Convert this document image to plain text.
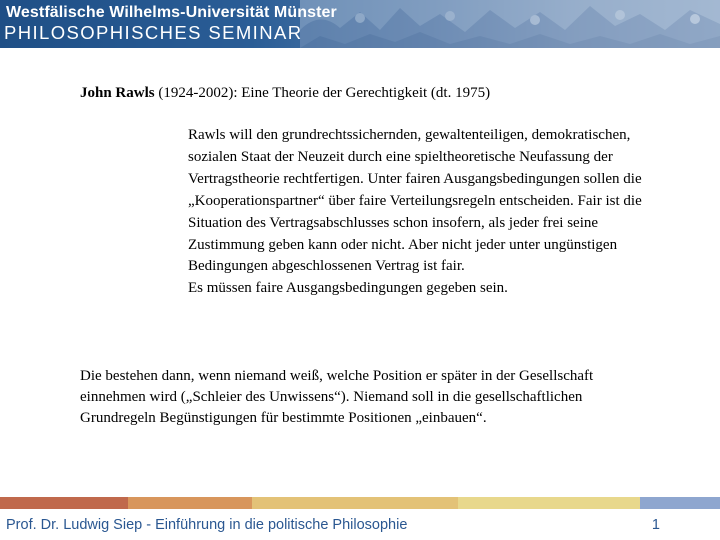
Westfälische Wilhelms-Universität Münster
PHILOSOPHISCHES SEMINAR
John Rawls (1924-2002): Eine Theorie der Gerechtigkeit (dt. 1975)

Rawls will den grundrechtssichernden, gewaltenteiligen, demokratischen, sozialen Staat der Neuzeit durch eine spieltheoretische Neufassung der Vertragstheorie rechtfertigen. Unter fairen Ausgangsbedingungen sollen die „Kooperationspartner“ über faire Verteilungsregeln entscheiden. Fair ist die Situation des Vertragsabschlusses schon insofern, als jeder frei seine Zustimmung geben kann oder nicht. Aber nicht jeder unter ungünstigen Bedingungen abgeschlossenen Vertrag ist fair.

Es müssen faire Ausgangsbedingungen gegeben sein.

Die bestehen dann, wenn niemand weiß, welche Position er später in der Gesellschaft einnehmen wird („Schleier des Unwissens“). Niemand soll in die gesellschaftlichen Grundregeln Begünstigungen für bestimmte Positionen „einbauen“.
Prof. Dr. Ludwig Siep - Einführung in die politische Philosophie	1
